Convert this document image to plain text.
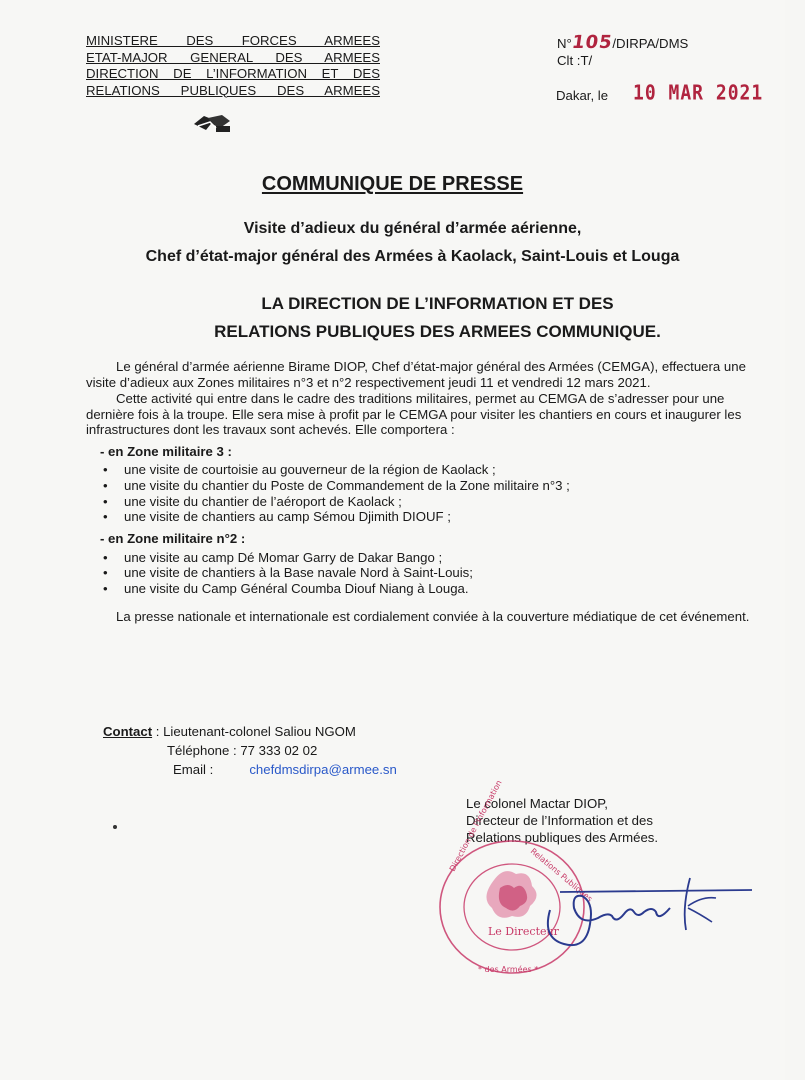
MINISTERE DES FORCES ARMEES
ETAT-MAJOR GENERAL DES ARMEES
DIRECTION DE L’INFORMATION ET DES
RELATIONS PUBLIQUES DES ARMEES
N°105/DIRPA/DMS
Clt :T/
Dakar, le 10 MAR 2021
COMMUNIQUE DE PRESSE
Visite d’adieux du général d’armée aérienne,
Chef d’état-major général des Armées à Kaolack, Saint-Louis et Louga
LA DIRECTION DE L’INFORMATION ET DES
RELATIONS PUBLIQUES DES ARMEES COMMUNIQUE.

Le général d’armée aérienne Birame DIOP, Chef d’état-major général des Armées (CEMGA), effectuera une visite d’adieux aux Zones militaires n°3 et n°2 respectivement jeudi 11 et vendredi 12 mars 2021.

Cette activité qui entre dans le cadre des traditions militaires, permet au CEMGA de s’adresser pour une dernière fois à la troupe. Elle sera mise à profit par le CEMGA pour visiter les chantiers en cours et inaugurer les infrastructures dont les travaux sont achevés. Elle comportera :

- en Zone militaire 3 :
• une visite de courtoisie au gouverneur de la région de Kaolack ;
• une visite du chantier du Poste de Commandement de la Zone militaire n°3 ;
• une visite du chantier de l’aéroport de Kaolack ;
• une visite de chantiers au camp Sémou Djimith DIOUF ;
- en Zone militaire n°2 :
• une visite au camp Dé Momar Garry de Dakar Bango ;
• une visite de chantiers à la Base navale Nord à Saint-Louis;
• une visite du Camp Général Coumba Diouf Niang à Louga.

La presse nationale et internationale est cordialement conviée à la couverture médiatique de cet événement.

Contact : Lieutenant-colonel Saliou NGOM
Téléphone : 77 333 02 02
Email :	chefdmsdirpa@armee.sn
Le colonel Mactar DIOP,
Directeur de l’Information et des
Relations publiques des Armées.
Le Directeur
Direction de l'Information
Relations Publiques
* des Armées *
